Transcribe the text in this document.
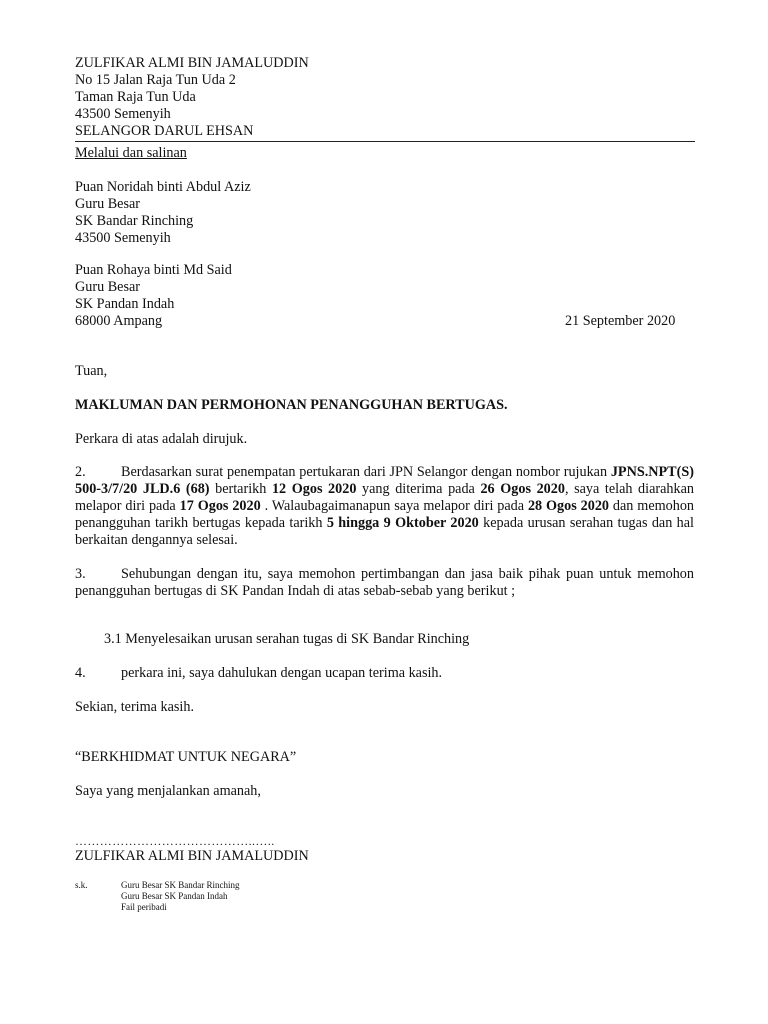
ZULFIKAR ALMI BIN JAMALUDDIN

No 15 Jalan Raja Tun Uda 2

Taman Raja Tun Uda

43500 Semenyih

SELANGOR DARUL EHSAN

Melalui dan salinan

Puan Noridah binti Abdul Aziz

Guru Besar

SK Bandar Rinching

43500 Semenyih

Puan Rohaya binti Md Said

Guru Besar

SK Pandan Indah

68000 Ampang	21 September 2020

Tuan,

MAKLUMAN DAN PERMOHONAN PENANGGUHAN BERTUGAS.

Perkara di atas adalah dirujuk.

2. Berdasarkan surat penempatan pertukaran dari JPN Selangor dengan nombor rujukan JPNS.NPT(S) 500-3/7/20 JLD.6 (68) bertarikh 12 Ogos 2020 yang diterima pada 26 Ogos 2020, saya telah diarahkan melapor diri pada 17 Ogos 2020 . Walaubagaimanapun saya melapor diri pada 28 Ogos 2020 dan memohon penangguhan tarikh bertugas kepada tarikh 5 hingga 9 Oktober 2020 kepada urusan serahan tugas dan hal berkaitan dengannya selesai.

3. Sehubungan dengan itu, saya memohon pertimbangan dan jasa baik pihak puan untuk memohon penangguhan bertugas di SK Pandan Indah di atas sebab-sebab yang berikut ;

3.1 Menyelesaikan urusan serahan tugas di SK Bandar Rinching

4. perkara ini, saya dahulukan dengan ucapan terima kasih.

Sekian, terima kasih.

“BERKHIDMAT UNTUK NEGARA”

Saya yang menjalankan amanah,

……………………………………..…..

ZULFIKAR ALMI BIN JAMALUDDIN

s.k.	Guru Besar SK Bandar Rinching
Guru Besar SK Pandan Indah
Fail peribadi
